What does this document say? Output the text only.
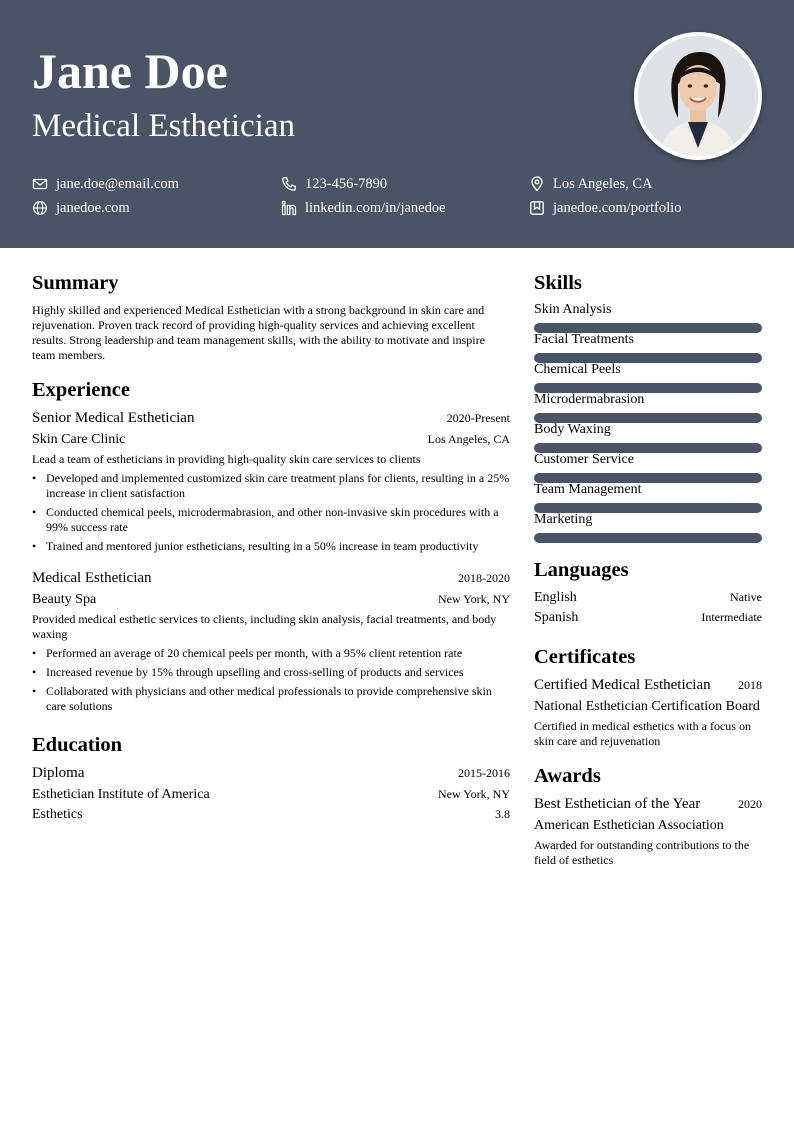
Jane Doe
Medical Esthetician
jane.doe@email.com	123-456-7890	Los Angeles, CA
janedoe.com	linkedin.com/in/janedoe	janedoe.com/portfolio
Summary
Highly skilled and experienced Medical Esthetician with a strong background in skin care and rejuvenation. Proven track record of providing high-quality services and achieving excellent results. Strong leadership and team management skills, with the ability to motivate and inspire team members.
Experience
Senior Medical Esthetician	2020-Present
Skin Care Clinic	Los Angeles, CA
Lead a team of estheticians in providing high-quality skin care services to clients
• Developed and implemented customized skin care treatment plans for clients, resulting in a 25% increase in client satisfaction
• Conducted chemical peels, microdermabrasion, and other non-invasive skin procedures with a 99% success rate
• Trained and mentored junior estheticians, resulting in a 50% increase in team productivity
Medical Esthetician	2018-2020
Beauty Spa	New York, NY
Provided medical esthetic services to clients, including skin analysis, facial treatments, and body waxing
• Performed an average of 20 chemical peels per month, with a 95% client retention rate
• Increased revenue by 15% through upselling and cross-selling of products and services
• Collaborated with physicians and other medical professionals to provide comprehensive skin care solutions
Education
Diploma	2015-2016
Esthetician Institute of America	New York, NY
Esthetics	3.8
Skills
Skin Analysis
Facial Treatments
Chemical Peels
Microdermabrasion
Body Waxing
Customer Service
Team Management
Marketing
Languages
English	Native
Spanish	Intermediate
Certificates
Certified Medical Esthetician 2018
National Esthetician Certification Board
Certified in medical esthetics with a focus on skin care and rejuvenation
Awards
Best Esthetician of the Year	2020
American Esthetician Association
Awarded for outstanding contributions to the field of esthetics
